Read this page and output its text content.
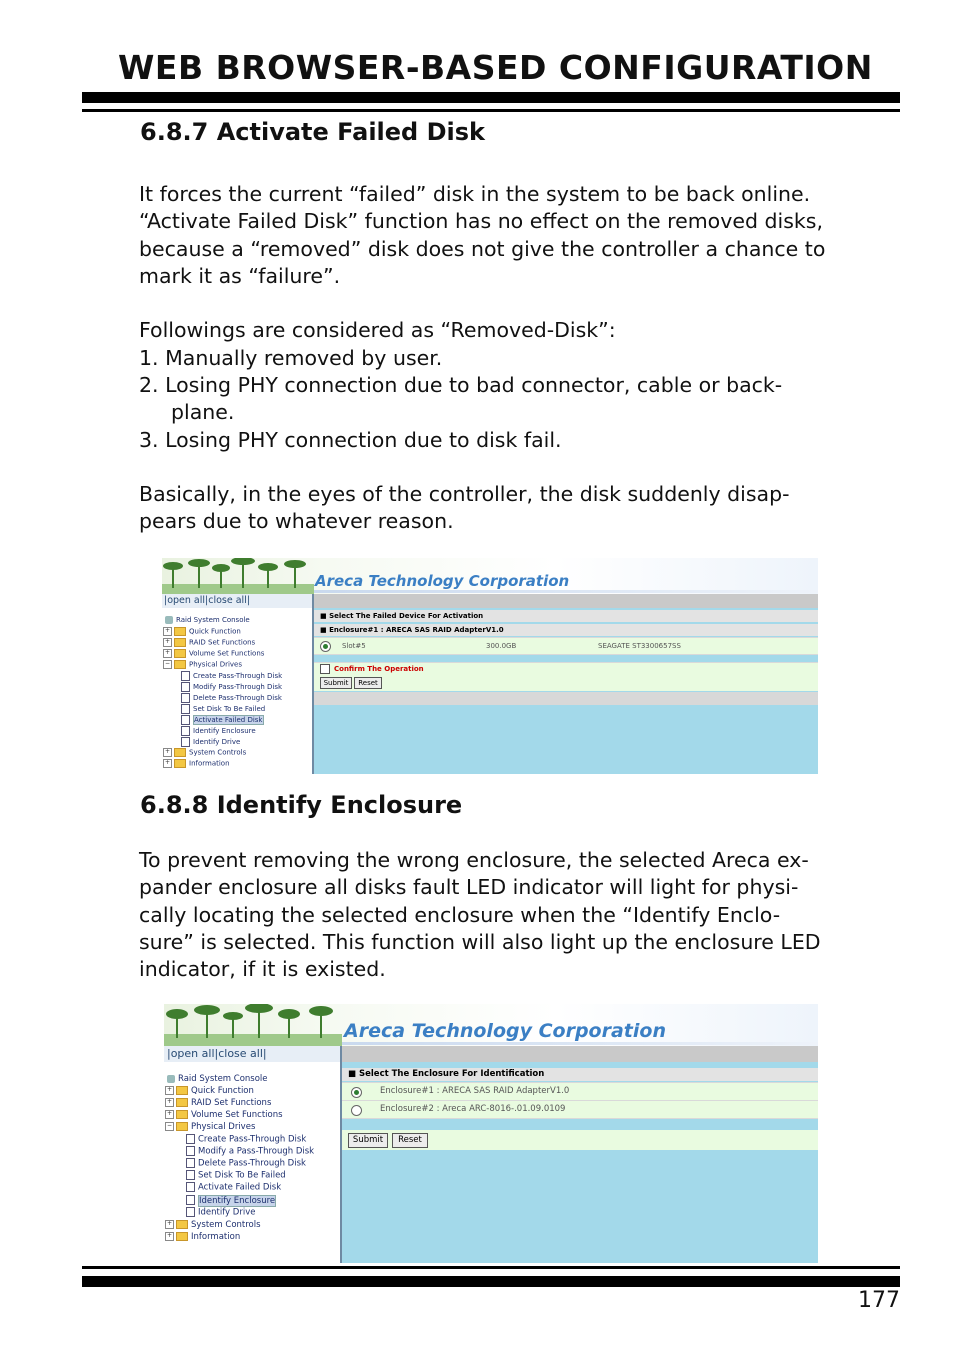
WEB BROWSER-BASED CONFIGURATION
6.8.7 Activate Failed Disk

It forces the current “failed” disk in the system to be back online.

“Activate Failed Disk” function has no effect on the removed disks,

because a “removed” disk does not give the controller a chance to

mark it as “failure”.

Followings are considered as “Removed-Disk”:
1. Manually removed by user.
2. Losing PHY connection due to bad connector, cable or back-
plane.
3. Losing PHY connection due to disk fail.

Basically, in the eyes of the controller, the disk suddenly disap-

pears due to whatever reason.

Areca Technology Corporation
|open all|close all|
Raid System Console
+	Quick Function
+	RAID Set Functions
+	Volume Set Functions
−	Physical Drives
Create Pass-Through Disk
Modify Pass-Through Disk
Delete Pass-Through Disk
Set Disk To Be Failed
Activate Failed Disk
Identify Enclosure
Identify Drive
+	System Controls
+	Information
■ Select The Failed Device For Activation
■ Enclosure#1 : ARECA SAS RAID AdapterV1.0
Slot#5	300.0GB	SEAGATE ST3300657SS
Confirm The Operation
Submit	Reset
6.8.8 Identify Enclosure

To prevent removing the wrong enclosure, the selected Areca ex-

pander enclosure all disks fault LED indicator will light for physi-

cally locating the selected enclosure when the “Identify Enclo-

sure” is selected. This function will also light up the enclosure LED

indicator, if it is existed.

Areca Technology Corporation
|open all|close all|
Raid System Console
+ Quick Function
+ RAID Set Functions
+ Volume Set Functions
− Physical Drives
Create Pass-Through Disk
Modify a Pass-Through Disk
Delete Pass-Through Disk
Set Disk To Be Failed
Activate Failed Disk
Identify Enclosure
Identify Drive
+ System Controls
+ Information
■ Select The Enclosure For Identification
Enclosure#1 : ARECA SAS RAID AdapterV1.0
Enclosure#2 : Areca ARC-8016-.01.09.0109
Submit	Reset
177
